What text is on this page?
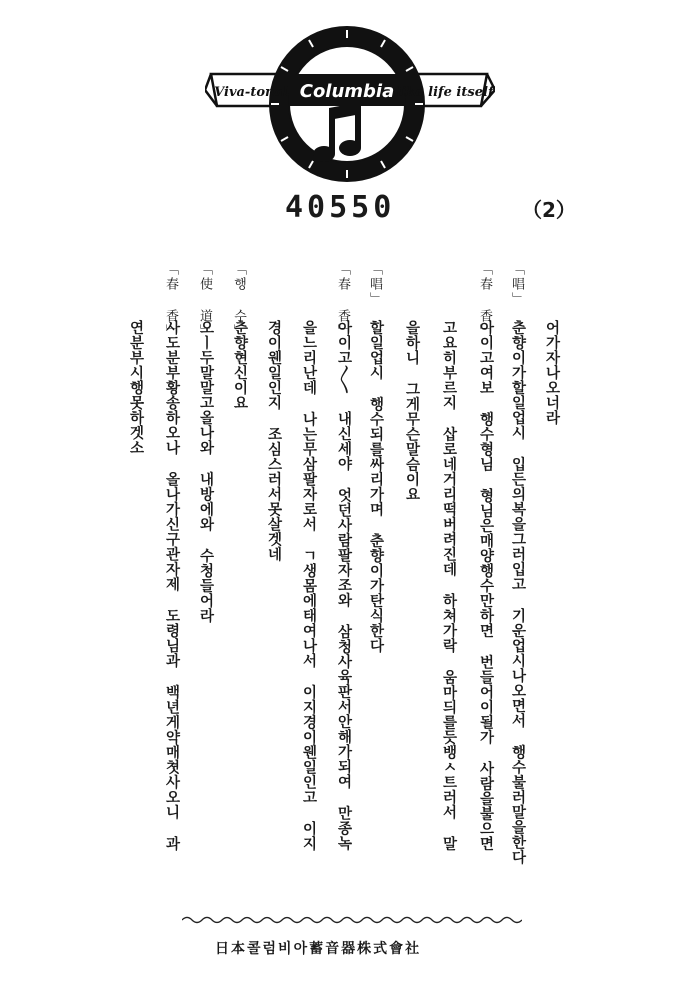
Columbia
Viva-tonal	like life itself
40550	（2）
「唱」
「春 香」
「唱」
「春 香」
「행 수」
「使 道」
「春 香」
어가자나오너라
춘향이가할일업시 입든의복을그러입고 기운업시나오면서 행수불러말을한다
아이고여보 행수형님 형님은매양행수만하면 번들어이될가 사람을불으면
고요히부르지 삽로네거리떡버려진데 하쳐가락 움마듸를듯뱅ㅅ트러서 말
을하니 그게무슨말슴이요
할일업시 행수되를싸리가며 춘향이가탄식한다
아이고〱 내신세야 엇던사람팔자조와 삼청사육판서안해가되여 만종녹
을느리난데 나는무삼팔자로서 ㄱ생몸에태여나서 이지경이웬일인고 이지
경이웬일인지 조심스러서못살겟네
춘향현신이요
오ㅣ두말말고올나와 내방에와 수청들어라
사도분부황송하오나 올나가신구관자제 도령님과 백년게약매쳣사오니 과
연분부시행못하겟소
日本콜럼비아蓄音器株式會社
